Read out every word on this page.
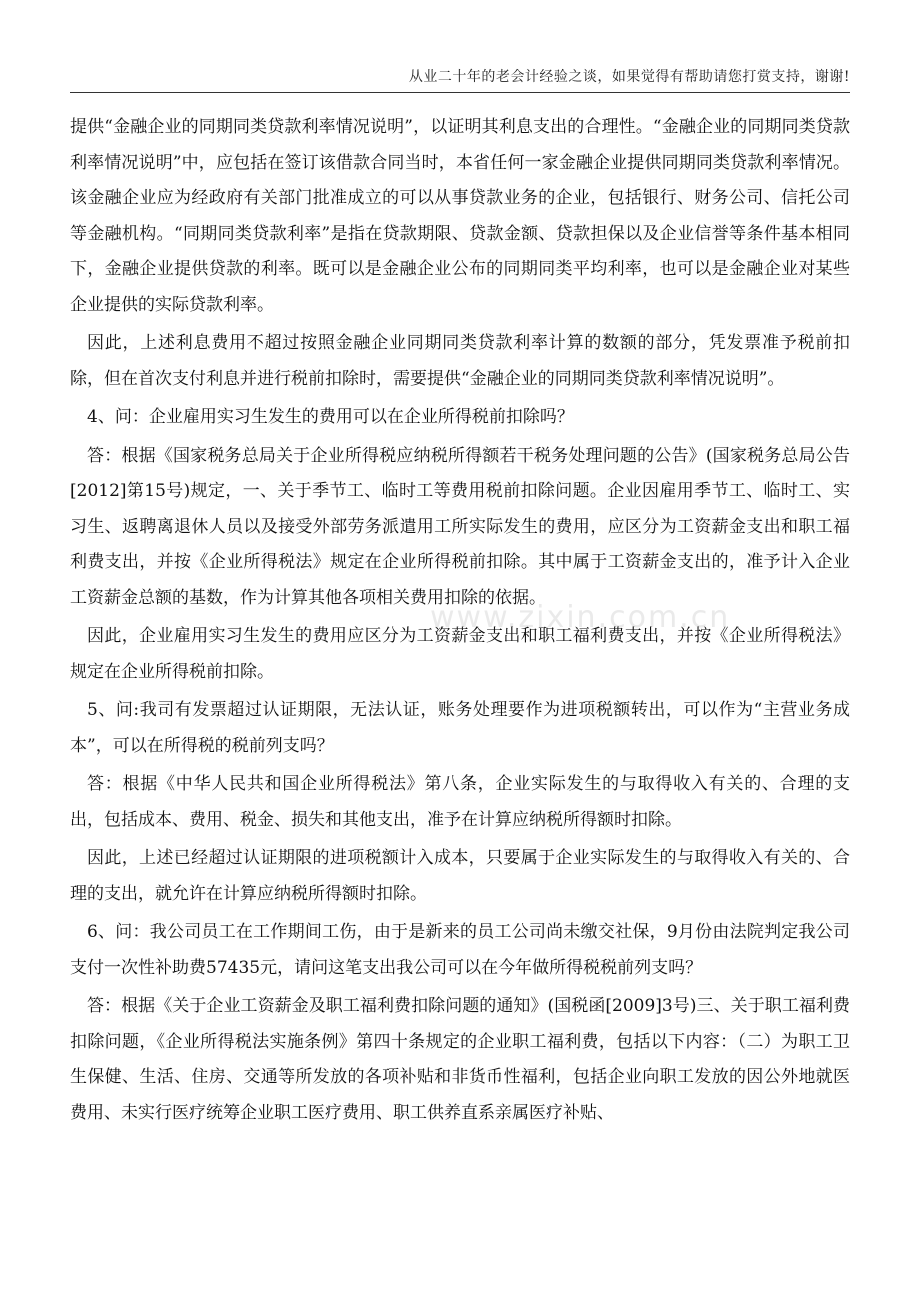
从业二十年的老会计经验之谈，如果觉得有帮助请您打赏支持，谢谢!
www.zixin.com.cn

提供“金融企业的同期同类贷款利率情况说明”，以证明其利息支出的合理性。“金融企业的同期同类贷款利率情况说明”中，应包括在签订该借款合同当时，本省任何一家金融企业提供同期同类贷款利率情况。该金融企业应为经政府有关部门批准成立的可以从事贷款业务的企业，包括银行、财务公司、信托公司等金融机构。“同期同类贷款利率”是指在贷款期限、贷款金额、贷款担保以及企业信誉等条件基本相同下，金融企业提供贷款的利率。既可以是金融企业公布的同期同类平均利率，也可以是金融企业对某些企业提供的实际贷款利率。

因此，上述利息费用不超过按照金融企业同期同类贷款利率计算的数额的部分，凭发票准予税前扣除，但在首次支付利息并进行税前扣除时，需要提供“金融企业的同期同类贷款利率情况说明”。

4、问：企业雇用实习生发生的费用可以在企业所得税前扣除吗？

答：根据《国家税务总局关于企业所得税应纳税所得额若干税务处理问题的公告》(国家税务总局公告[2012]第15号)规定，一、关于季节工、临时工等费用税前扣除问题。企业因雇用季节工、临时工、实习生、返聘离退休人员以及接受外部劳务派遣用工所实际发生的费用，应区分为工资薪金支出和职工福利费支出，并按《企业所得税法》规定在企业所得税前扣除。其中属于工资薪金支出的，准予计入企业工资薪金总额的基数，作为计算其他各项相关费用扣除的依据。

因此，企业雇用实习生发生的费用应区分为工资薪金支出和职工福利费支出，并按《企业所得税法》规定在企业所得税前扣除。

5、问:我司有发票超过认证期限，无法认证，账务处理要作为进项税额转出，可以作为“主营业务成本”，可以在所得税的税前列支吗？

答：根据《中华人民共和国企业所得税法》第八条，企业实际发生的与取得收入有关的、合理的支出，包括成本、费用、税金、损失和其他支出，准予在计算应纳税所得额时扣除。

因此，上述已经超过认证期限的进项税额计入成本，只要属于企业实际发生的与取得收入有关的、合理的支出，就允许在计算应纳税所得额时扣除。

6、问：我公司员工在工作期间工伤，由于是新来的员工公司尚未缴交社保，9月份由法院判定我公司支付一次性补助费57435元，请问这笔支出我公司可以在今年做所得税税前列支吗？

答：根据《关于企业工资薪金及职工福利费扣除问题的通知》(国税函[2009]3号)三、关于职工福利费扣除问题，《企业所得税法实施条例》第四十条规定的企业职工福利费，包括以下内容：（二）为职工卫生保健、生活、住房、交通等所发放的各项补贴和非货币性福利，包括企业向职工发放的因公外地就医费用、未实行医疗统筹企业职工医疗费用、职工供养直系亲属医疗补贴、
